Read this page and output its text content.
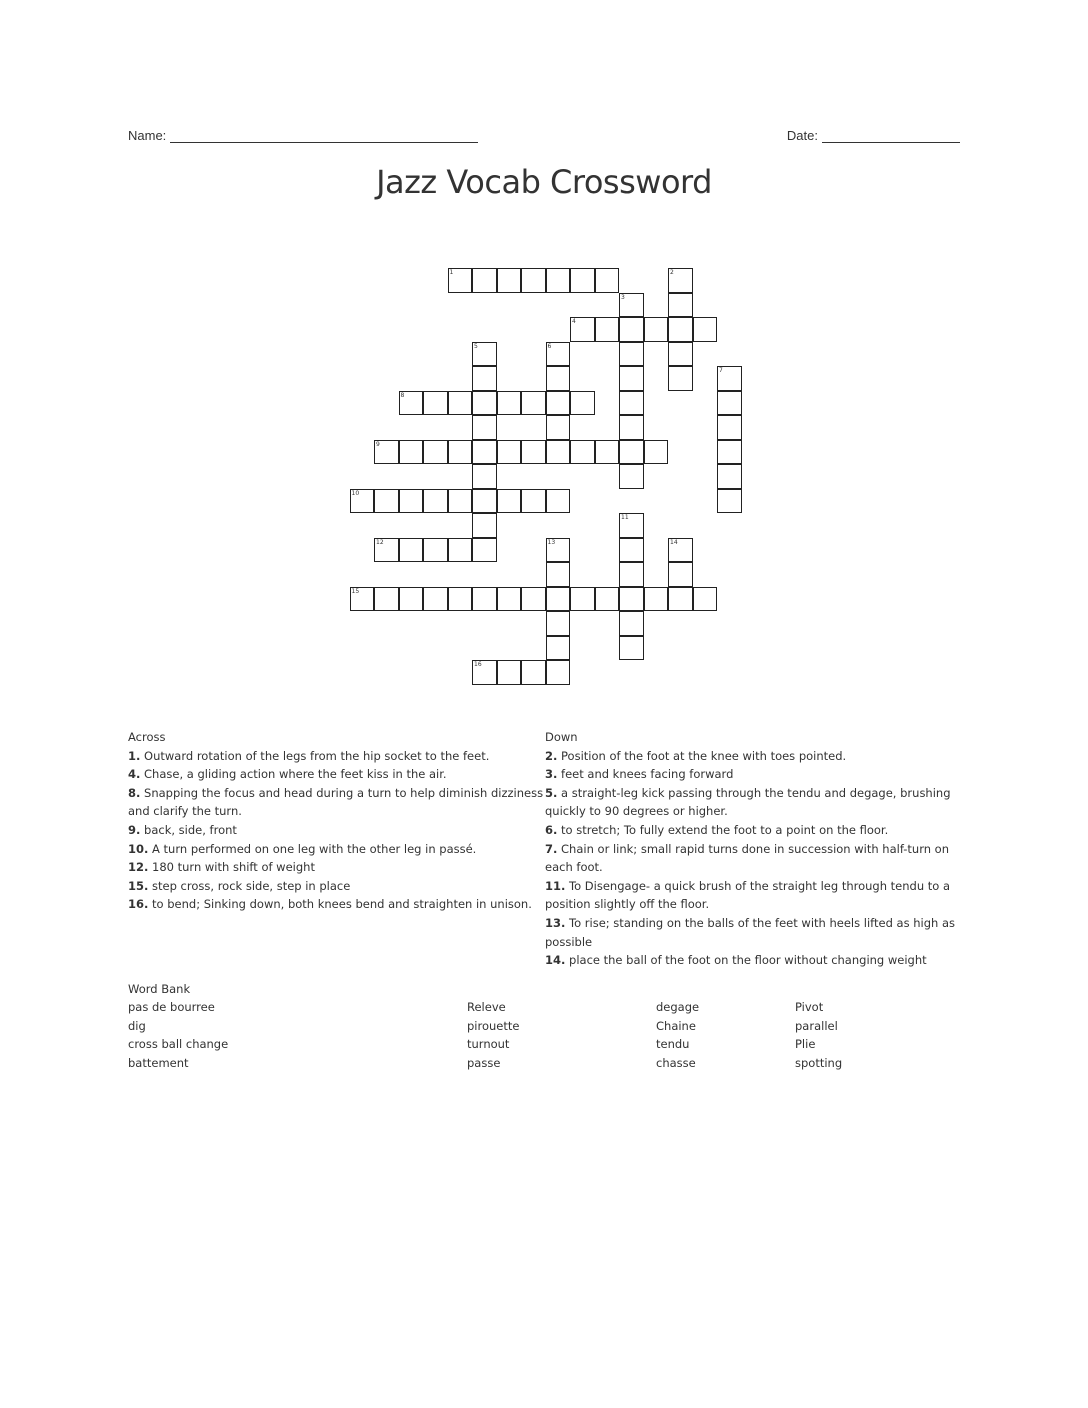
Name:	Date:
Jazz Vocab Crossword
1	2
3
4
5	6
7
8
9
10
11
12	13	14
15
16
Across
1. Outward rotation of the legs from the hip socket to the feet.
4. Chase, a gliding action where the feet kiss in the air.
8. Snapping the focus and head during a turn to help diminish dizziness and clarify the turn.
9. back, side, front
10. A turn performed on one leg with the other leg in passé.
12. 180 turn with shift of weight
15. step cross, rock side, step in place
16. to bend; Sinking down, both knees bend and straighten in unison.
Down
2. Position of the foot at the knee with toes pointed.
3. feet and knees facing forward
5. a straight-leg kick passing through the tendu and degage, brushing quickly to 90 degrees or higher.
6. to stretch; To fully extend the foot to a point on the floor.
7. Chain or link; small rapid turns done in succession with half-turn on each foot.
11. To Disengage- a quick brush of the straight leg through tendu to a position slightly off the floor.
13. To rise; standing on the balls of the feet with heels lifted as high as possible
14. place the ball of the foot on the floor without changing weight
Word Bank
pas de bourree	Releve	degage	Pivot
dig	pirouette	Chaine	parallel
cross ball change	turnout	tendu	Plie
battement	passe	chasse	spotting
